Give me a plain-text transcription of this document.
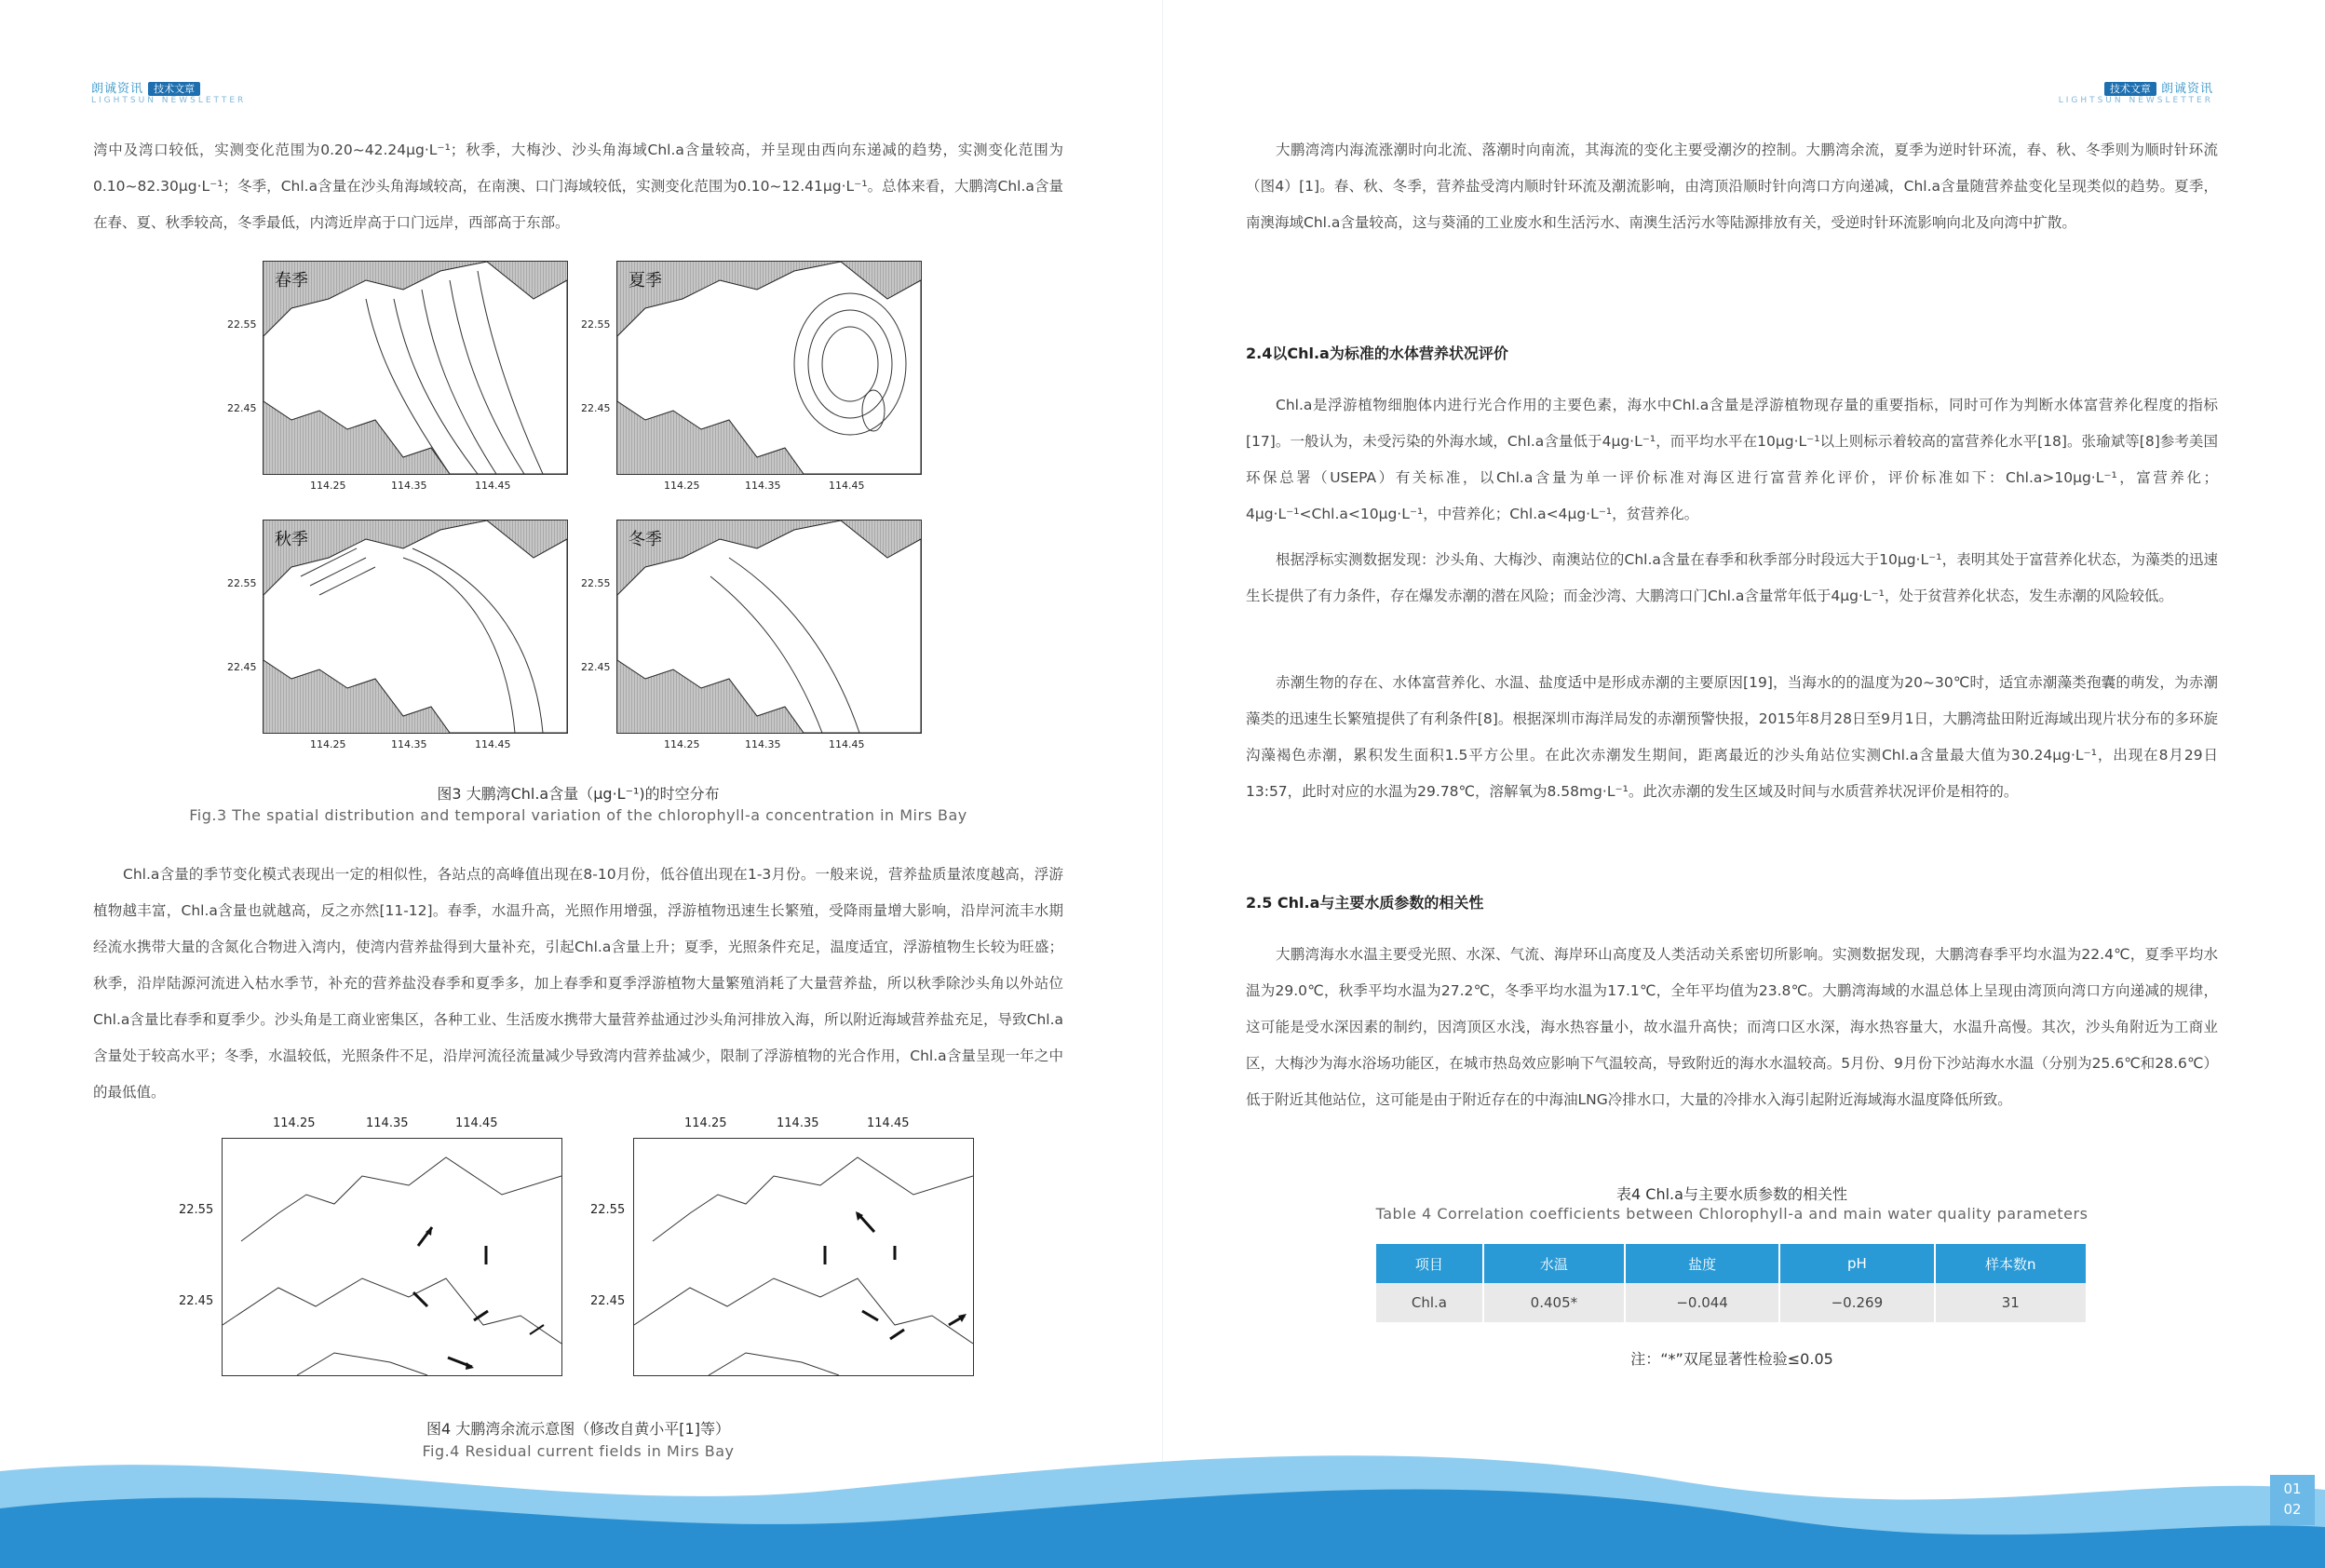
朗诚资讯 技术文章
LIGHTSUN NEWSLETTER
技术文章 朗诚资讯
LIGHTSUN NEWSLETTER
湾中及湾口较低，实测变化范围为0.20~42.24μg·L⁻¹；秋季，大梅沙、沙头角海域Chl.a含量较高，并呈现由西向东递减的趋势，实测变化范围为0.10~82.30μg·L⁻¹；冬季，Chl.a含量在沙头角海域较高，在南澳、口门海域较低，实测变化范围为0.10~12.41μg·L⁻¹。总体来看，大鹏湾Chl.a含量在春、夏、秋季较高，冬季最低，内湾近岸高于口门远岸，西部高于东部。
春季	夏季
秋季	冬季
22.55
22.45
22.55
22.45
22.55
22.45
22.55
22.45
114.25	114.35	114.45	114.25	114.35	114.45
114.25	114.35	114.45	114.25	114.35	114.45
图3 大鹏湾Chl.a含量（μg·L⁻¹)的时空分布
Fig.3 The spatial distribution and temporal variation of the chlorophyll-a concentration in Mirs Bay
Chl.a含量的季节变化模式表现出一定的相似性，各站点的高峰值出现在8-10月份，低谷值出现在1-3月份。一般来说，营养盐质量浓度越高，浮游植物越丰富，Chl.a含量也就越高，反之亦然[11-12]。春季，水温升高，光照作用增强，浮游植物迅速生长繁殖，受降雨量增大影响，沿岸河流丰水期经流水携带大量的含氮化合物进入湾内，使湾内营养盐得到大量补充，引起Chl.a含量上升；夏季，光照条件充足，温度适宜，浮游植物生长较为旺盛；秋季，沿岸陆源河流进入枯水季节，补充的营养盐没春季和夏季多，加上春季和夏季浮游植物大量繁殖消耗了大量营养盐，所以秋季除沙头角以外站位Chl.a含量比春季和夏季少。沙头角是工商业密集区，各种工业、生活废水携带大量营养盐通过沙头角河排放入海，所以附近海域营养盐充足，导致Chl.a含量处于较高水平；冬季，水温较低，光照条件不足，沿岸河流径流量减少导致湾内营养盐减少，限制了浮游植物的光合作用，Chl.a含量呈现一年之中的最低值。
114.25	114.35	114.45	114.25	114.35	114.45
22.55
22.45
22.55
22.45
图4 大鹏湾余流示意图（修改自黄小平[1]等）
Fig.4 Residual current fields in Mirs Bay
大鹏湾湾内海流涨潮时向北流、落潮时向南流，其海流的变化主要受潮汐的控制。大鹏湾余流，夏季为逆时针环流，春、秋、冬季则为顺时针环流（图4）[1]。春、秋、冬季，营养盐受湾内顺时针环流及潮流影响，由湾顶沿顺时针向湾口方向递减，Chl.a含量随营养盐变化呈现类似的趋势。夏季，南澳海域Chl.a含量较高，这与葵涌的工业废水和生活污水、南澳生活污水等陆源排放有关，受逆时针环流影响向北及向湾中扩散。
2.4以Chl.a为标准的水体营养状况评价
Chl.a是浮游植物细胞体内进行光合作用的主要色素，海水中Chl.a含量是浮游植物现存量的重要指标，同时可作为判断水体富营养化程度的指标[17]。一般认为，未受污染的外海水域，Chl.a含量低于4μg·L⁻¹，而平均水平在10μg·L⁻¹以上则标示着较高的富营养化水平[18]。张瑜斌等[8]参考美国环保总署（USEPA）有关标准，以Chl.a含量为单一评价标准对海区进行富营养化评价，评价标准如下：Chl.a>10μg·L⁻¹，富营养化；4μg·L⁻¹<Chl.a<10μg·L⁻¹，中营养化；Chl.a<4μg·L⁻¹，贫营养化。
根据浮标实测数据发现：沙头角、大梅沙、南澳站位的Chl.a含量在春季和秋季部分时段远大于10μg·L⁻¹，表明其处于富营养化状态，为藻类的迅速生长提供了有力条件，存在爆发赤潮的潜在风险；而金沙湾、大鹏湾口门Chl.a含量常年低于4μg·L⁻¹，处于贫营养化状态，发生赤潮的风险较低。
赤潮生物的存在、水体富营养化、水温、盐度适中是形成赤潮的主要原因[19]，当海水的的温度为20~30℃时，适宜赤潮藻类孢囊的萌发，为赤潮藻类的迅速生长繁殖提供了有利条件[8]。根据深圳市海洋局发的赤潮预警快报，2015年8月28日至9月1日，大鹏湾盐田附近海域出现片状分布的多环旋沟藻褐色赤潮，累积发生面积1.5平方公里。在此次赤潮发生期间，距离最近的沙头角站位实测Chl.a含量最大值为30.24μg·L⁻¹，出现在8月29日13:57，此时对应的水温为29.78℃，溶解氧为8.58mg·L⁻¹。此次赤潮的发生区域及时间与水质营养状况评价是相符的。
2.5 Chl.a与主要水质参数的相关性
大鹏湾海水水温主要受光照、水深、气流、海岸环山高度及人类活动关系密切所影响。实测数据发现，大鹏湾春季平均水温为22.4℃，夏季平均水温为29.0℃，秋季平均水温为27.2℃，冬季平均水温为17.1℃，全年平均值为23.8℃。大鹏湾海域的水温总体上呈现由湾顶向湾口方向递减的规律，这可能是受水深因素的制约，因湾顶区水浅，海水热容量小，故水温升高快；而湾口区水深，海水热容量大，水温升高慢。其次，沙头角附近为工商业区，大梅沙为海水浴场功能区，在城市热岛效应影响下气温较高，导致附近的海水水温较高。5月份、9月份下沙站海水水温（分别为25.6℃和28.6℃）低于附近其他站位，这可能是由于附近存在的中海油LNG冷排水口，大量的冷排水入海引起附近海域海水温度降低所致。
表4 Chl.a与主要水质参数的相关性
Table 4 Correlation coefficients between Chlorophyll-a and main water quality parameters
项目	水温	盐度	pH	样本数n
Chl.a	0.405*	−0.044	−0.269	31
注：“*”双尾显著性检验≤0.05
01
02
